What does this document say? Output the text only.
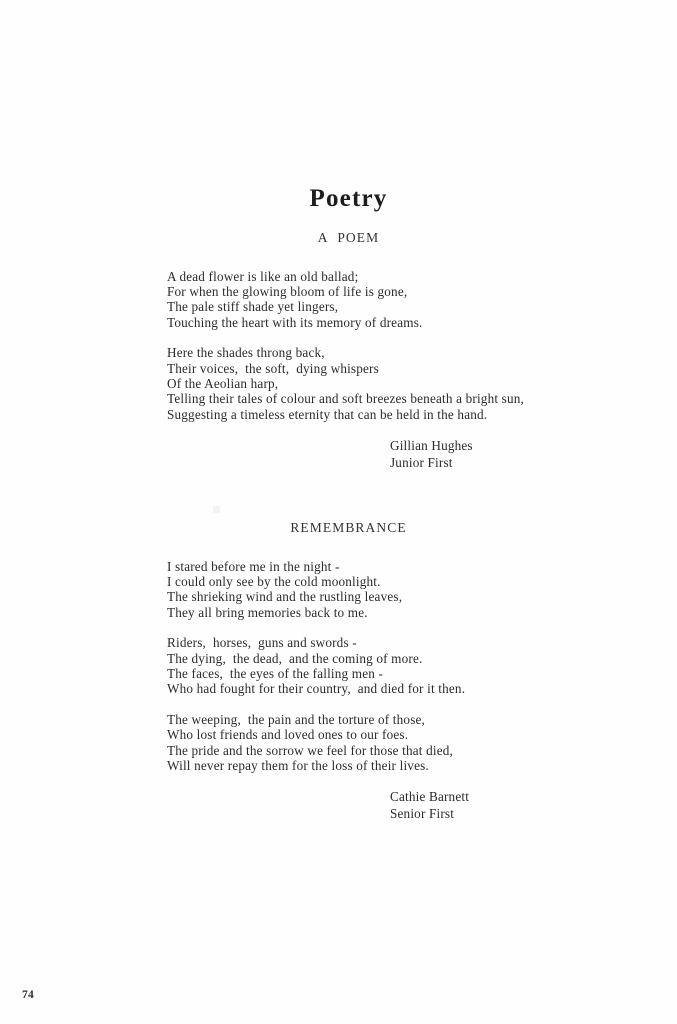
Poetry
A POEM
A dead flower is like an old ballad;
For when the glowing bloom of life is gone,
The pale stiff shade yet lingers,
Touching the heart with its memory of dreams.
Here the shades throng back,
Their voices,  the soft,  dying whispers
Of the Aeolian harp,
Telling their tales of colour and soft breezes beneath a bright sun,
Suggesting a timeless eternity that can be held in the hand.
Gillian Hughes
Junior First
REMEMBRANCE
I stared before me in the night -
I could only see by the cold moonlight.
The shrieking wind and the rustling leaves,
They all bring memories back to me.
Riders,  horses,  guns and swords -
The dying,  the dead,  and the coming of more.
The faces,  the eyes of the falling men -
Who had fought for their country,  and died for it then.
The weeping,  the pain and the torture of those,
Who lost friends and loved ones to our foes.
The pride and the sorrow we feel for those that died,
Will never repay them for the loss of their lives.
Cathie Barnett
Senior First
74
